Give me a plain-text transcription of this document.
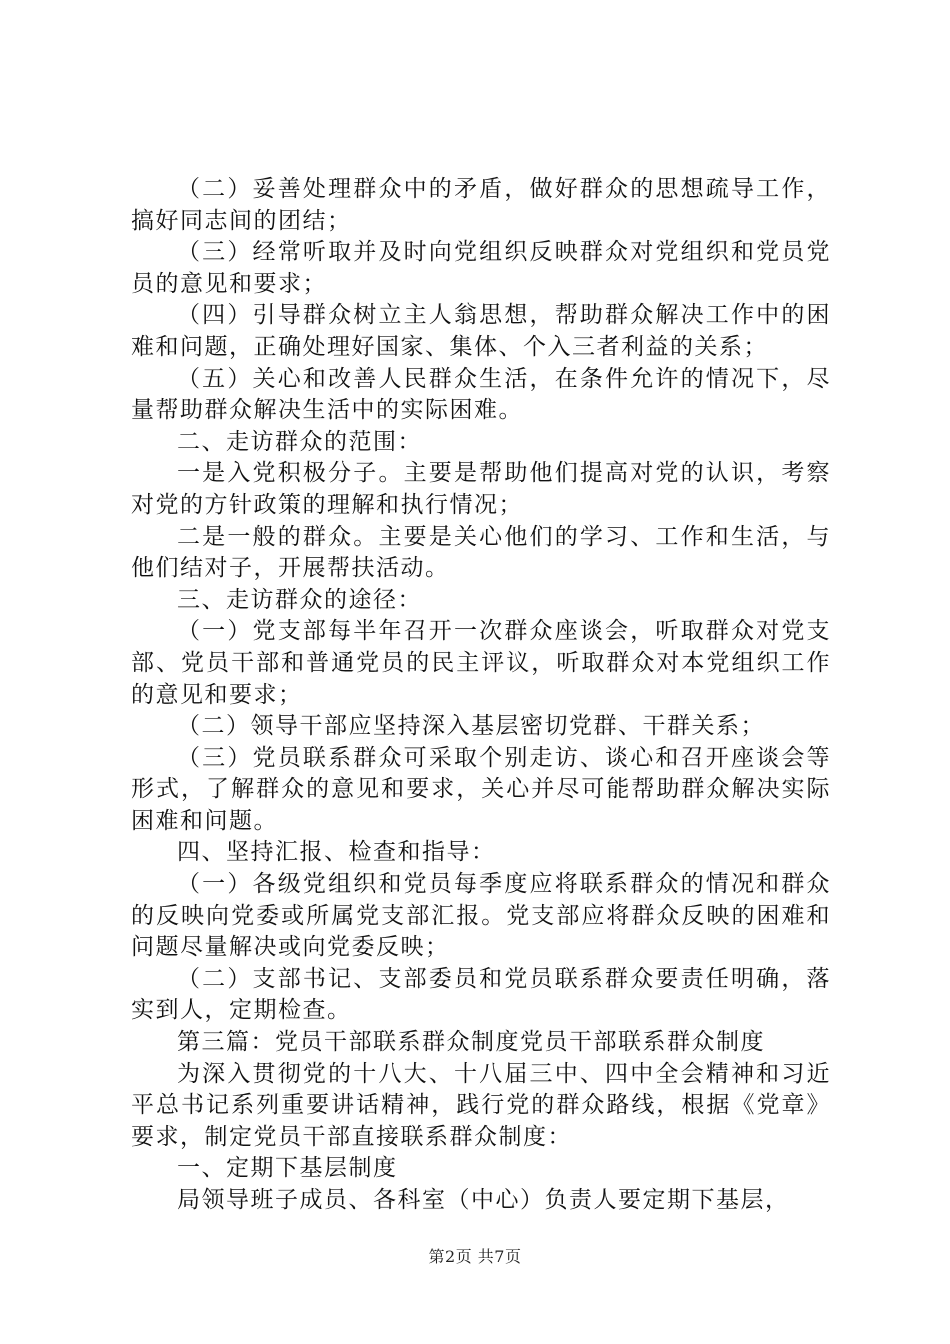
（二）妥善处理群众中的矛盾，做好群众的思想疏导工作，搞好同志间的团结；

（三）经常听取并及时向党组织反映群众对党组织和党员党员的意见和要求；

（四）引导群众树立主人翁思想，帮助群众解决工作中的困难和问题，正确处理好国家、集体、个入三者利益的关系；

（五）关心和改善人民群众生活，在条件允许的情况下，尽量帮助群众解决生活中的实际困难。

二、走访群众的范围：

一是入党积极分子。主要是帮助他们提高对党的认识，考察对党的方针政策的理解和执行情况；

二是一般的群众。主要是关心他们的学习、工作和生活，与他们结对子，开展帮扶活动。

三、走访群众的途径：

（一）党支部每半年召开一次群众座谈会，听取群众对党支部、党员干部和普通党员的民主评议，听取群众对本党组织工作的意见和要求；

（二）领导干部应坚持深入基层密切党群、干群关系；

（三）党员联系群众可采取个别走访、谈心和召开座谈会等形式，了解群众的意见和要求，关心并尽可能帮助群众解决实际困难和问题。

四、坚持汇报、检查和指导：

（一）各级党组织和党员每季度应将联系群众的情况和群众的反映向党委或所属党支部汇报。党支部应将群众反映的困难和问题尽量解决或向党委反映；

（二）支部书记、支部委员和党员联系群众要责任明确，落实到人，定期检查。

第三篇：党员干部联系群众制度党员干部联系群众制度

为深入贯彻党的十八大、十八届三中、四中全会精神和习近平总书记系列重要讲话精神，践行党的群众路线，根据《党章》要求，制定党员干部直接联系群众制度：

一、定期下基层制度

局领导班子成员、各科室（中心）负责人要定期下基层，

第2页 共7页
